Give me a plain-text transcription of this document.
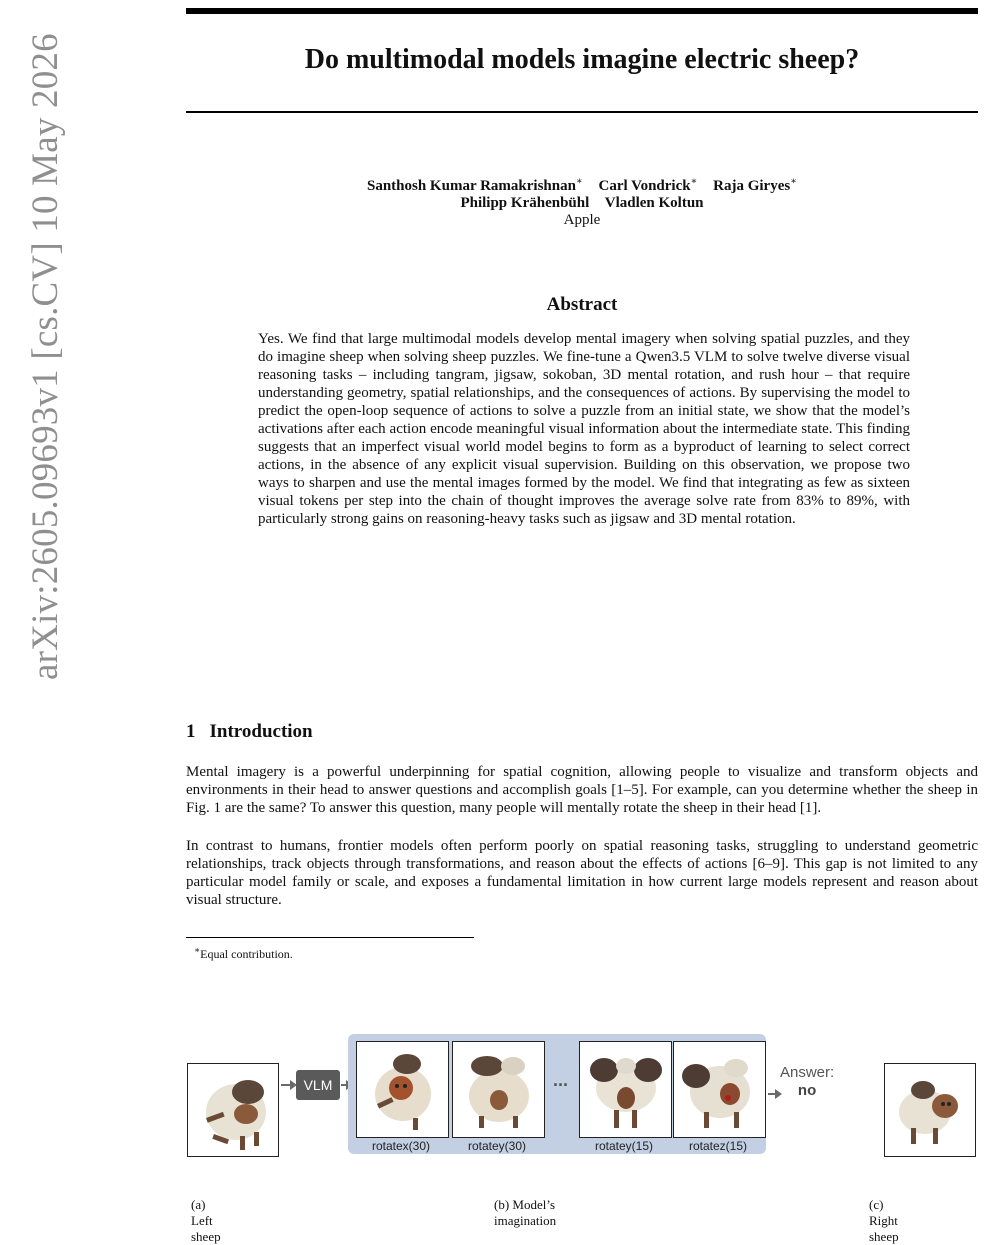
arXiv:2605.09693v1 [cs.CV] 10 May 2026	Do multimodal models imagine electric sheep?
Santhosh Kumar Ramakrishnan∗ Carl Vondrick∗ Raja Giryes∗
Philipp Krähenbühl Vladlen Koltun
Apple
Abstract

Yes. We find that large multimodal models develop mental imagery when solving spatial puzzles, and they do imagine sheep when solving sheep puzzles. We fine-tune a Qwen3.5 VLM to solve twelve diverse visual reasoning tasks – including tangram, jigsaw, sokoban, 3D mental rotation, and rush hour – that require understanding geometry, spatial relationships, and the consequences of actions. By supervising the model to predict the open-loop sequence of actions to solve a puzzle from an initial state, we show that the model’s activations after each action encode meaningful visual information about the intermediate state. This finding suggests that an imperfect visual world model begins to form as a byproduct of learning to select correct actions, in the absence of any explicit visual supervision. Building on this observation, we propose two ways to sharpen and use the mental images formed by the model. We find that integrating as few as sixteen visual tokens per step into the chain of thought improves the average solve rate from 83% to 89%, with particularly strong gains on reasoning-heavy tasks such as jigsaw and 3D mental rotation.

1 Introduction

Mental imagery is a powerful underpinning for spatial cognition, allowing people to visualize and transform objects and environments in their head to answer questions and accomplish goals [1–5]. For example, can you determine whether the sheep in Fig. 1 are the same? To answer this question, many people will mentally rotate the sheep in their head [1].

In contrast to humans, frontier models often perform poorly on spatial reasoning tasks, struggling to understand geometric relationships, track objects through transformations, and reason about the effects of actions [6–9]. This gap is not limited to any particular model family or scale, and exposes a fundamental limitation in how current large models represent and reason about visual structure.

∗Equal contribution.
VLM	...
rotatex(30)	rotatey(30)	rotatey(15)	rotatez(15)
Answer:
no
(a) Left sheep
(b) Model’s imagination
(c) Right sheep
